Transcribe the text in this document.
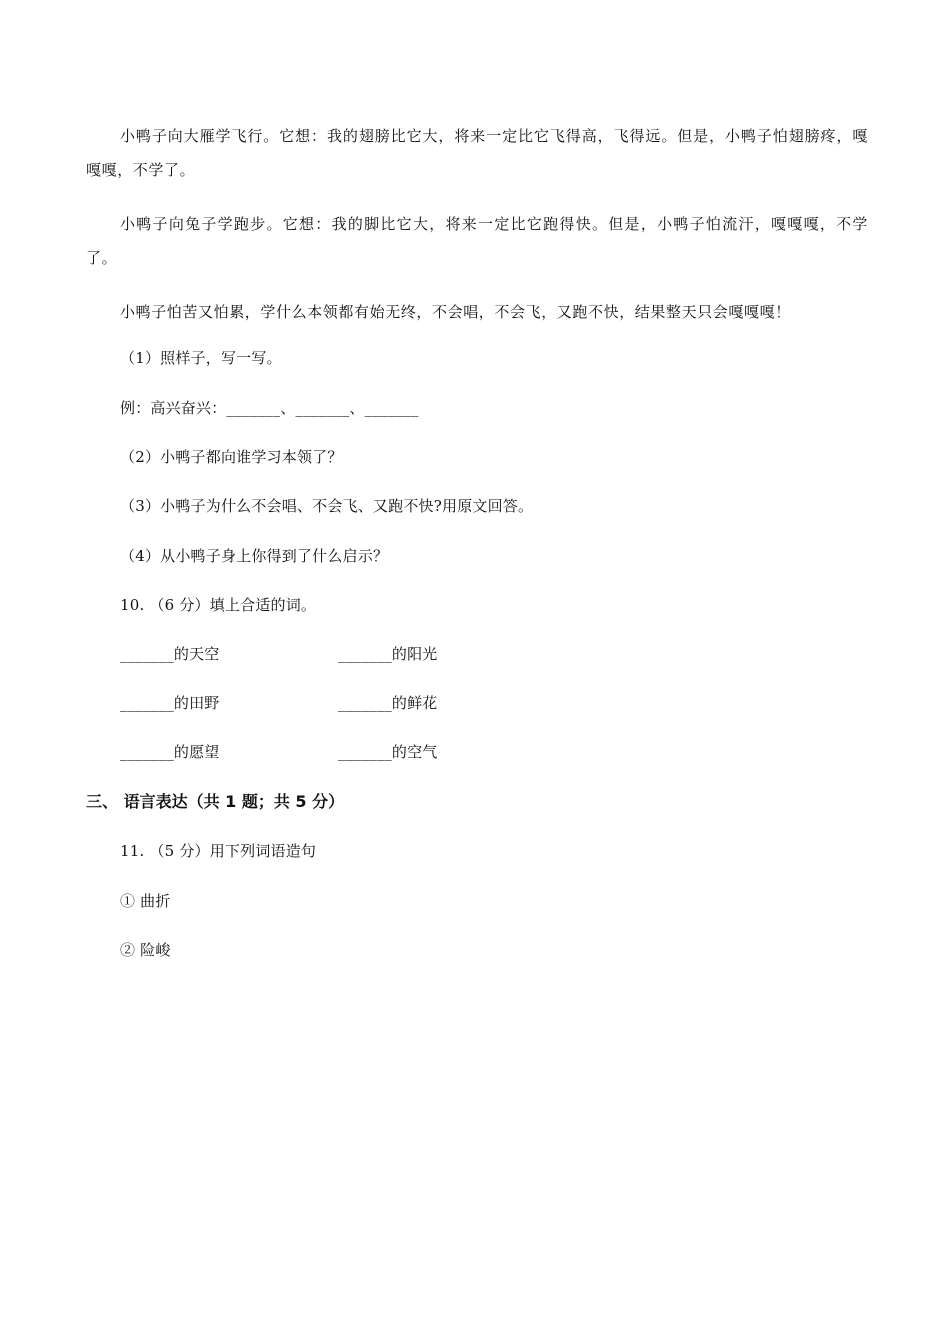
小鸭子向大雁学飞行。它想：我的翅膀比它大，将来一定比它飞得高，飞得远。但是，小鸭子怕翅膀疼，嘎嘎嘎，不学了。
小鸭子向兔子学跑步。它想：我的脚比它大，将来一定比它跑得快。但是，小鸭子怕流汗，嘎嘎嘎，不学了。
小鸭子怕苦又怕累，学什么本领都有始无终，不会唱，不会飞，又跑不快，结果整天只会嘎嘎嘎！
（1）照样子，写一写。
例：高兴奋兴：_______、_______、_______
（2）小鸭子都向谁学习本领了？
（3）小鸭子为什么不会唱、不会飞、又跑不快?用原文回答。
（4）从小鸭子身上你得到了什么启示？
10. （6 分）填上合适的词。
_______的天空	_______的阳光
_______的田野	_______的鲜花
_______的愿望	_______的空气
三、 语言表达（共 1 题；共 5 分）
11. （5 分）用下列词语造句
① 曲折
② 险峻
